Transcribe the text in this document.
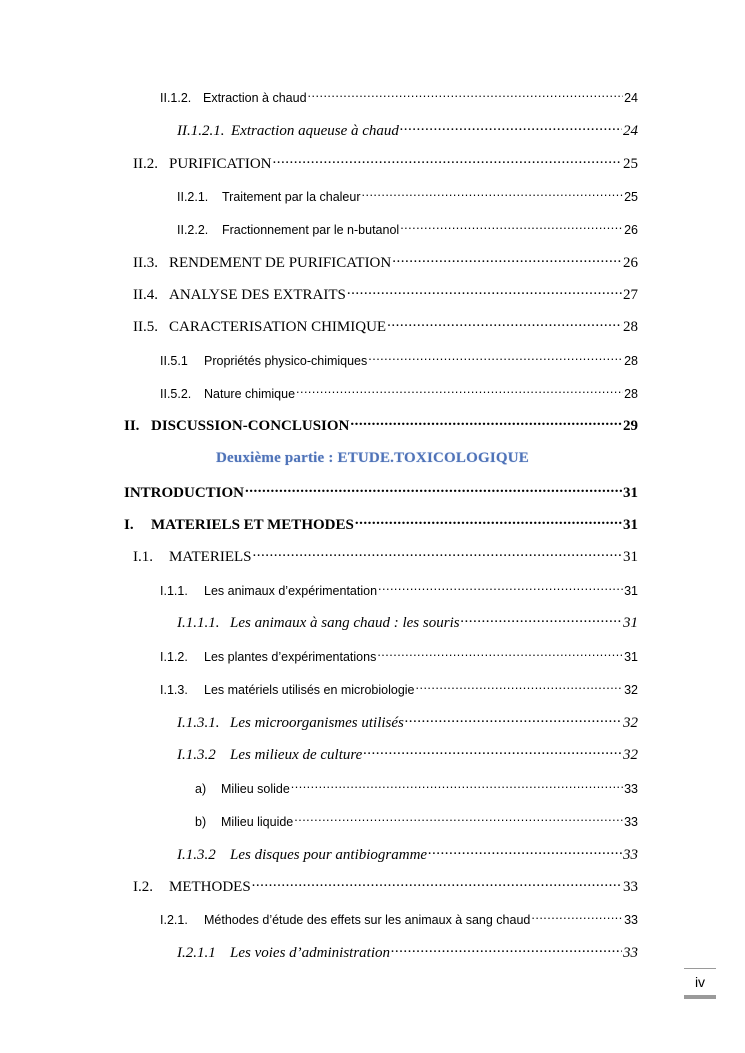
II.1.2. Extraction à chaud .....	24
II.1.2.1. Extraction aqueuse à chaud .....	24
II.2. PURIFICATION .....	25
II.2.1.	Traitement par la chaleur .....	25
II.2.2.	Fractionnement par le n-butanol .....	26
II.3. RENDEMENT DE PURIFICATION .....	26
II.4. ANALYSE DES EXTRAITS .....	27
II.5. CARACTERISATION CHIMIQUE .....	28
II.5.1	Propriétés physico-chimiques .....	28
II.5.2.	Nature chimique .....	28
II. DISCUSSION-CONCLUSION .....	29
Deuxième partie : ETUDE.TOXICOLOGIQUE
INTRODUCTION .....	31
I.	MATERIELS ET METHODES .....	31
I.1.	MATERIELS .....	31
I.1.1.	Les animaux d’expérimentation .....	31
I.1.1.1. Les animaux à sang chaud : les souris .....	31
I.1.2.	Les plantes d’expérimentations .....	31
I.1.3.	Les matériels utilisés en microbiologie .....	32
I.1.3.1. Les microorganismes utilisés .....	32
I.1.3.2 Les milieux de culture .....	32
a)	Milieu solide .....	33
b)	Milieu liquide .....	33
I.1.3.2 Les disques pour antibiogramme .....	33
I.2.	METHODES .....	33
I.2.1.	Méthodes d’étude des effets sur les animaux à sang chaud .....	33
I.2.1.1 Les voies d’administration .....	33
iv
